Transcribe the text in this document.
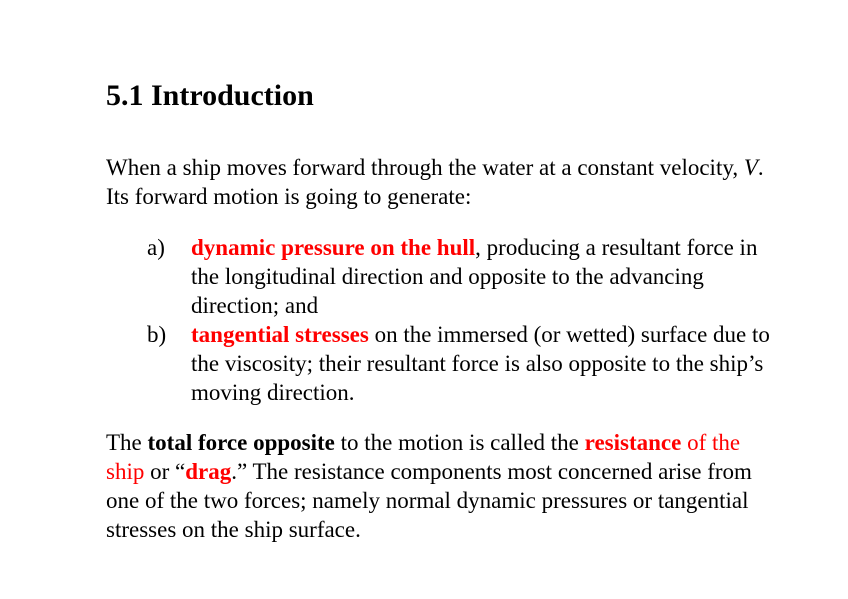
5.1 Introduction

When a ship moves forward through the water at a constant velocity, V. Its forward motion is going to generate:

a) dynamic pressure on the hull, producing a resultant force in the longitudinal direction and opposite to the advancing direction; and
b) tangential stresses on the immersed (or wetted) surface due to the viscosity; their resultant force is also opposite to the ship’s moving direction.

The total force opposite to the motion is called the resistance of the ship or “drag.” The resistance components most concerned arise from one of the two forces; namely normal dynamic pressures or tangential stresses on the ship surface.
